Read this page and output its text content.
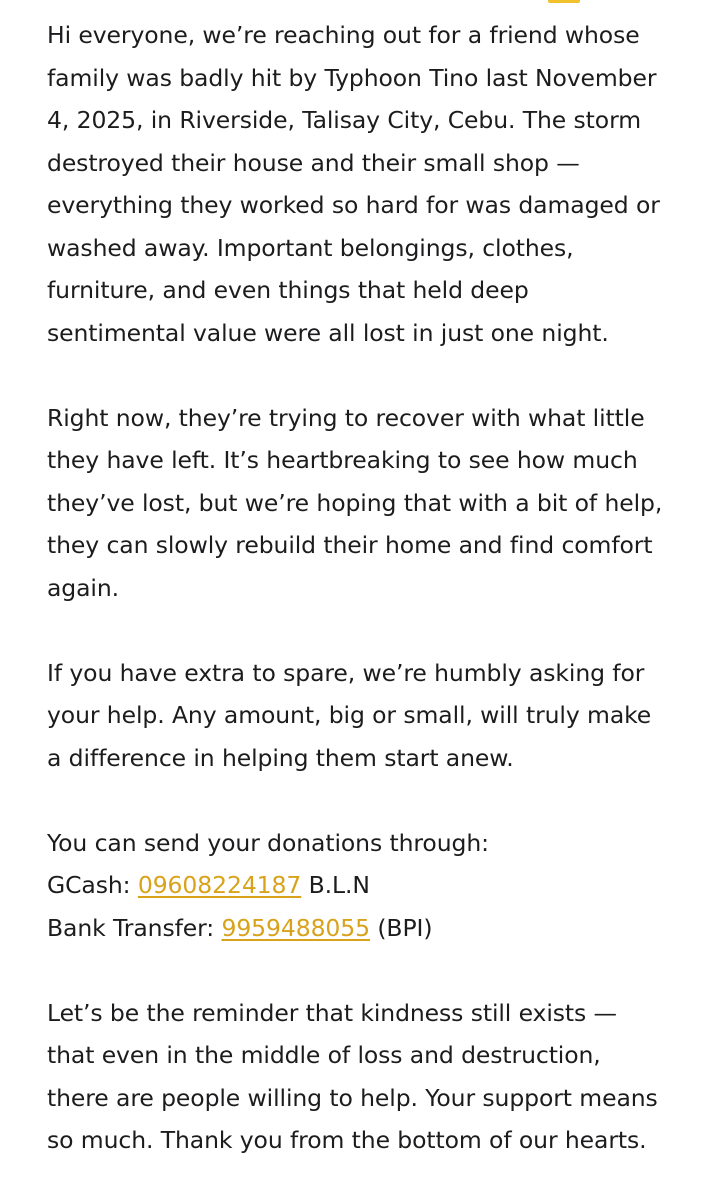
Hi everyone, we’re reaching out for a friend whose
family was badly hit by Typhoon Tino last November
4, 2025, in Riverside, Talisay City, Cebu. The storm
destroyed their house and their small shop —
everything they worked so hard for was damaged or
washed away. Important belongings, clothes,
furniture, and even things that held deep
sentimental value were all lost in just one night.

Right now, they’re trying to recover with what little
they have left. It’s heartbreaking to see how much
they’ve lost, but we’re hoping that with a bit of help,
they can slowly rebuild their home and find comfort
again.

If you have extra to spare, we’re humbly asking for
your help. Any amount, big or small, will truly make
a difference in helping them start anew.

You can send your donations through:
GCash: 09608224187 B.L.N
Bank Transfer: 9959488055 (BPI)

Let’s be the reminder that kindness still exists —
that even in the middle of loss and destruction,
there are people willing to help. Your support means
so much. Thank you from the bottom of our hearts.
